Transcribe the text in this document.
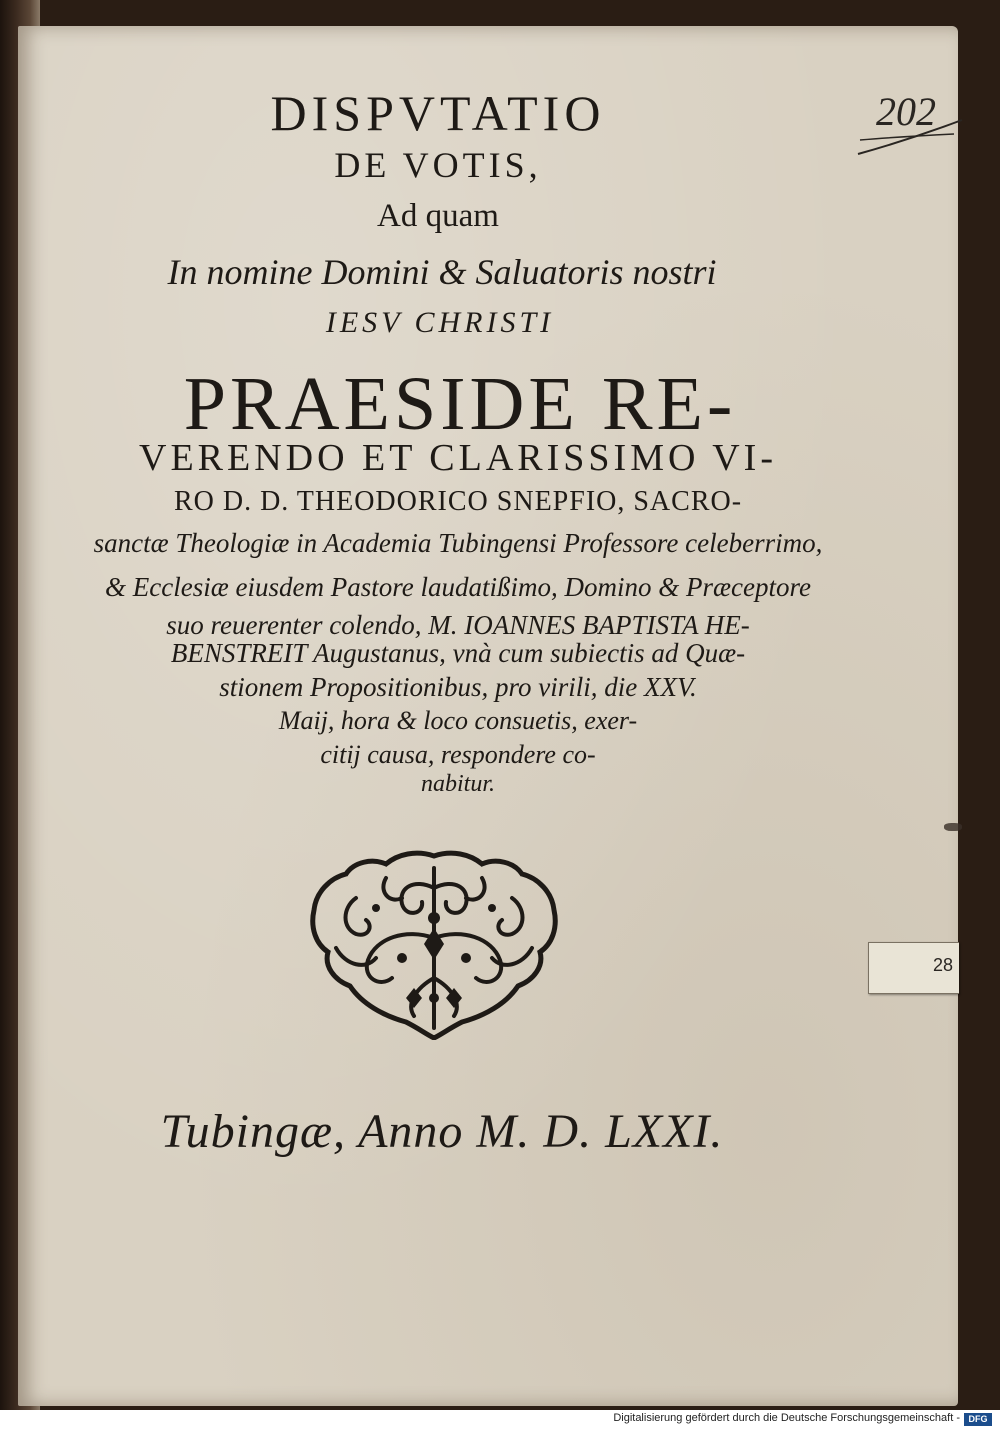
DISPVTATIO
DE VOTIS,
Ad quam
In nomine Domini & Saluatoris nostri
IESV CHRISTI
PRAESIDE RE-
VERENDO ET CLARISSIMO VI-
RO D. D. THEODORICO SNEPFIO, SACRO-
sanctæ Theologiæ in Academia Tubingensi Professore celeberrimo,
& Ecclesiæ eiusdem Pastore laudatißimo, Domino & Præceptore
suo reuerenter colendo, M. IOANNES BAPTISTA HE-
BENSTREIT Augustanus, vnà cum subiectis ad Quæ-
stionem Propositionibus, pro virili, die XXV.
Maij, hora & loco consuetis, exer-
citij causa, respondere co-
nabitur.
Tubingæ, Anno M. D. LXXI.
202
28
Digitalisierung gefördert durch die Deutsche Forschungsgemeinschaft - DFG
